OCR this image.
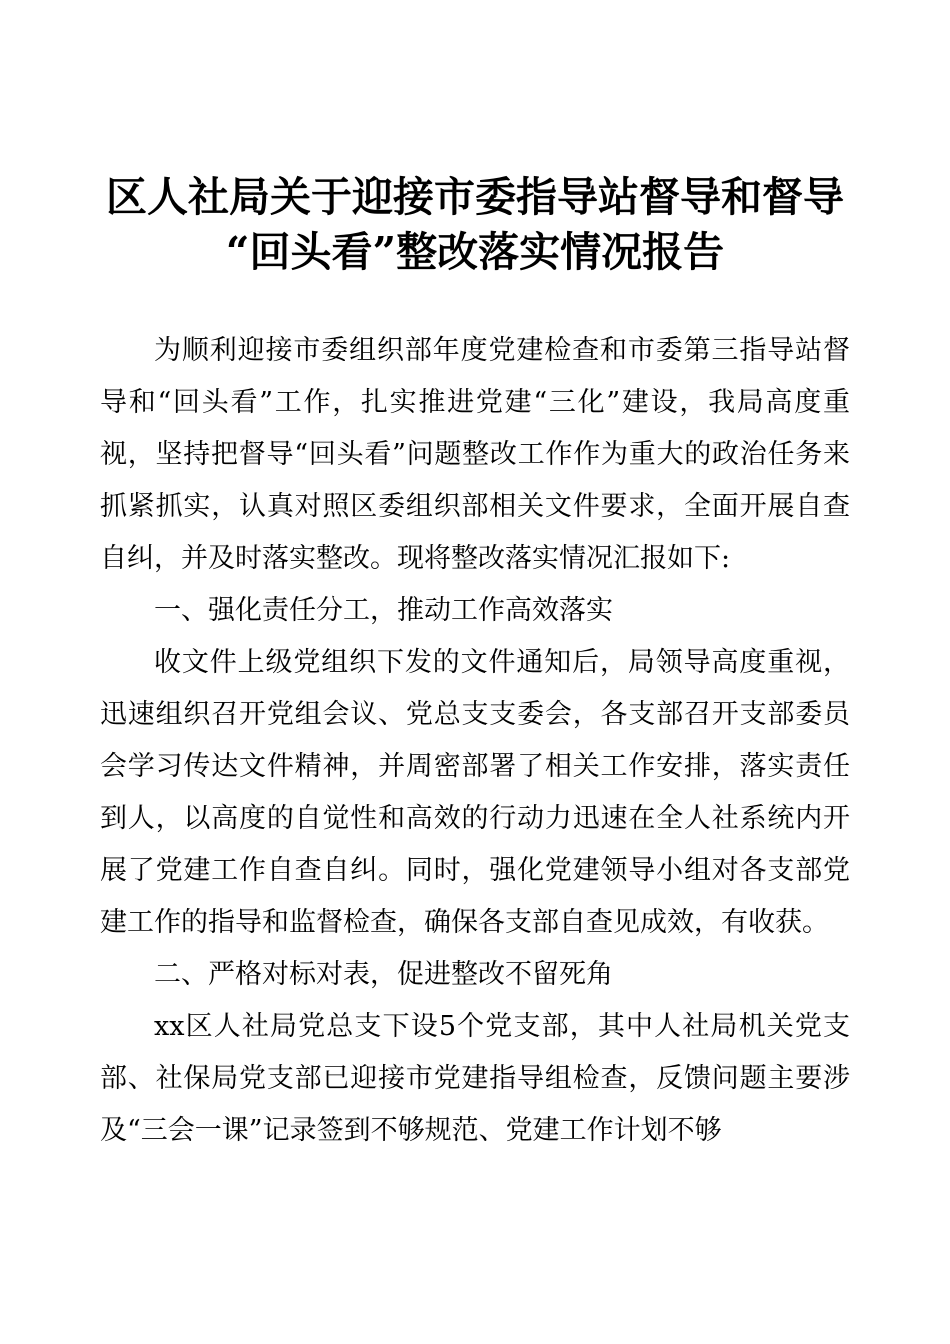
区人社局关于迎接市委指导站督导和督导
“回头看”整改落实情况报告

为顺利迎接市委组织部年度党建检查和市委第三指导站督导和“回头看”工作，扎实推进党建“三化”建设，我局高度重视，坚持把督导“回头看”问题整改工作作为重大的政治任务来抓紧抓实，认真对照区委组织部相关文件要求，全面开展自查自纠，并及时落实整改。现将整改落实情况汇报如下:

一、强化责任分工，推动工作高效落实

收文件上级党组织下发的文件通知后，局领导高度重视，迅速组织召开党组会议、党总支支委会，各支部召开支部委员会学习传达文件精神，并周密部署了相关工作安排，落实责任到人，以高度的自觉性和高效的行动力迅速在全人社系统内开展了党建工作自查自纠。同时，强化党建领导小组对各支部党建工作的指导和监督检查，确保各支部自查见成效，有收获。

二、严格对标对表，促进整改不留死角

xx区人社局党总支下设5个党支部，其中人社局机关党支部、社保局党支部已迎接市党建指导组检查，反馈问题主要涉及“三会一课”记录签到不够规范、党建工作计划不够
